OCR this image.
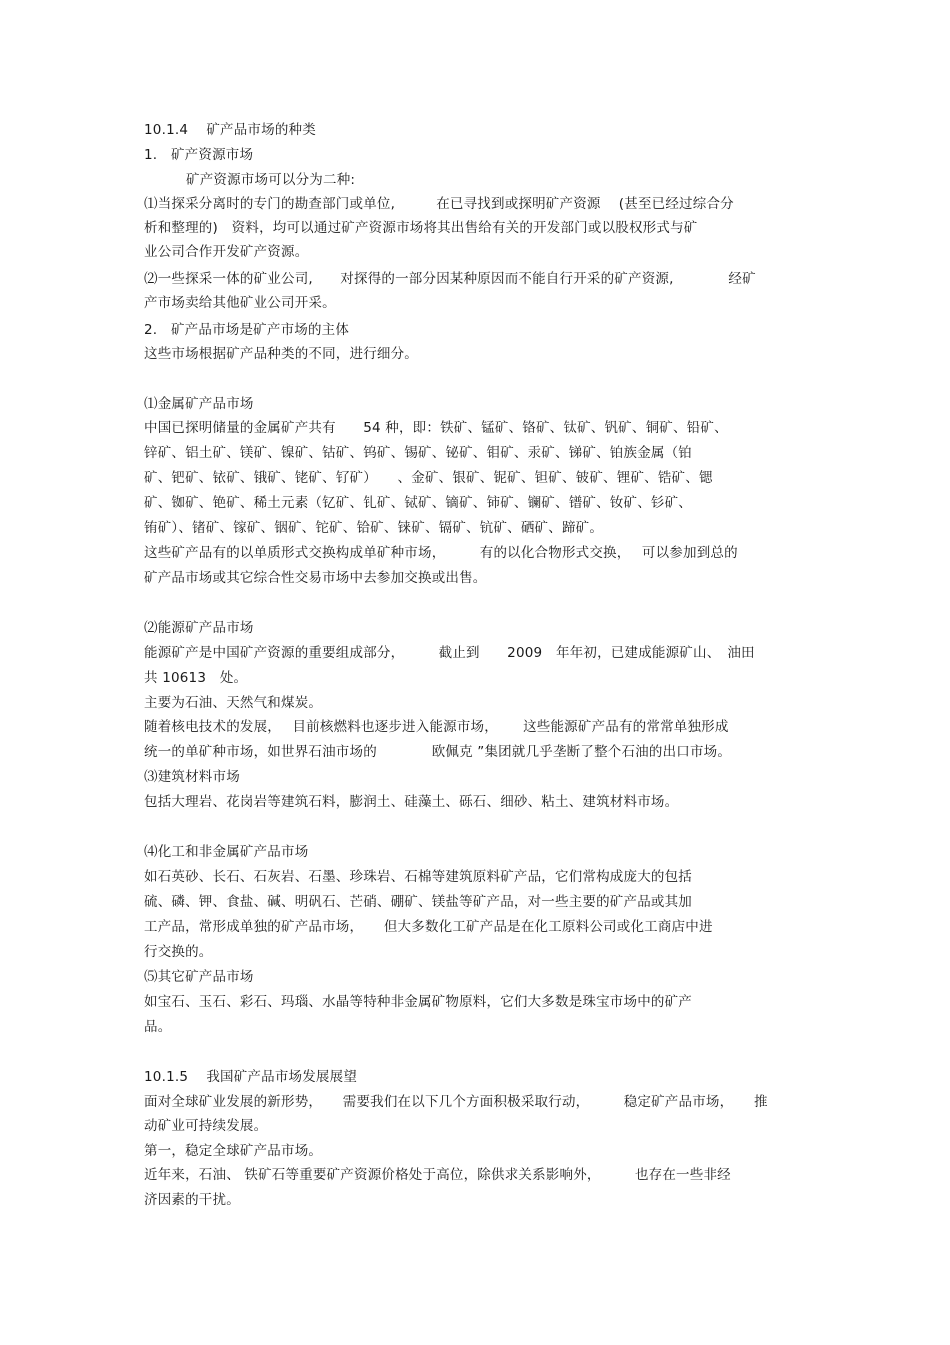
10.1.4　 矿产品市场的种类
1.　矿产资源市场
矿产资源市场可以分为二种:
⑴当探采分离时的专门的勘查部门或单位,　　　在已寻找到或探明矿产资源　 (甚至已经过综合分
析和整理的)　资料，均可以通过矿产资源市场将其出售给有关的开发部门或以股权形式与矿
业公司合作开发矿产资源。
⑵一些探采一体的矿业公司,　　对探得的一部分因某种原因而不能自行开采的矿产资源,　　　　经矿
产市场卖给其他矿业公司开采。
2.　矿产品市场是矿产市场的主体
这些市场根据矿产品种类的不同，进行细分。
⑴金属矿产品市场
中国已探明储量的金属矿产共有　　54 种，即：铁矿、锰矿、铬矿、钛矿、钒矿、铜矿、铅矿、
锌矿、铝土矿、镁矿、镍矿、钴矿、钨矿、锡矿、铋矿、钼矿、汞矿、锑矿、铂族金属（铂
矿、钯矿、铱矿、锇矿、铑矿、钌矿）　　、金矿、银矿、铌矿、钽矿、铍矿、锂矿、锆矿、锶
矿、铷矿、铯矿、稀土元素（钇矿、钆矿、铽矿、镝矿、铈矿、镧矿、镨矿、钕矿、钐矿、
铕矿）、锗矿、镓矿、铟矿、铊矿、铪矿、铼矿、镉矿、钪矿、硒矿、蹄矿。
这些矿产品有的以单质形式交换构成单矿种市场，　　　有的以化合物形式交换，　 可以参加到总的
矿产品市场或其它综合性交易市场中去参加交换或出售。
⑵能源矿产品市场
能源矿产是中国矿产资源的重要组成部分，　　　截止到　　2009　年年初，已建成能源矿山、　油田
共 10613　处。
主要为石油、天然气和煤炭。
随着核电技术的发展，　 目前核燃料也逐步进入能源市场，　　 这些能源矿产品有的常常单独形成
统一的单矿种市场，如世界石油市场的　　　　欧佩克 ”集团就几乎垄断了整个石油的出口市场。
⑶建筑材料市场
包括大理岩、花岗岩等建筑石料，膨润土、硅藻土、砾石、细砂、粘土、建筑材料市场。
⑷化工和非金属矿产品市场
如石英砂、长石、石灰岩、石墨、珍珠岩、石棉等建筑原料矿产品，它们常构成庞大的包括
硫、磷、钾、食盐、碱、明矾石、芒硝、硼矿、镁盐等矿产品，对一些主要的矿产品或其加
工产品，常形成单独的矿产品市场，　　但大多数化工矿产品是在化工原料公司或化工商店中进
行交换的。
⑸其它矿产品市场
如宝石、玉石、彩石、玛瑙、水晶等特种非金属矿物原料，它们大多数是珠宝市场中的矿产
品。
10.1.5　 我国矿产品市场发展展望
面对全球矿业发展的新形势，　　需要我们在以下几个方面积极采取行动，　　　稳定矿产品市场，　　推
动矿业可持续发展。
第一，稳定全球矿产品市场。
近年来，石油、 铁矿石等重要矿产资源价格处于高位，除供求关系影响外，　　　也存在一些非经
济因素的干扰。
